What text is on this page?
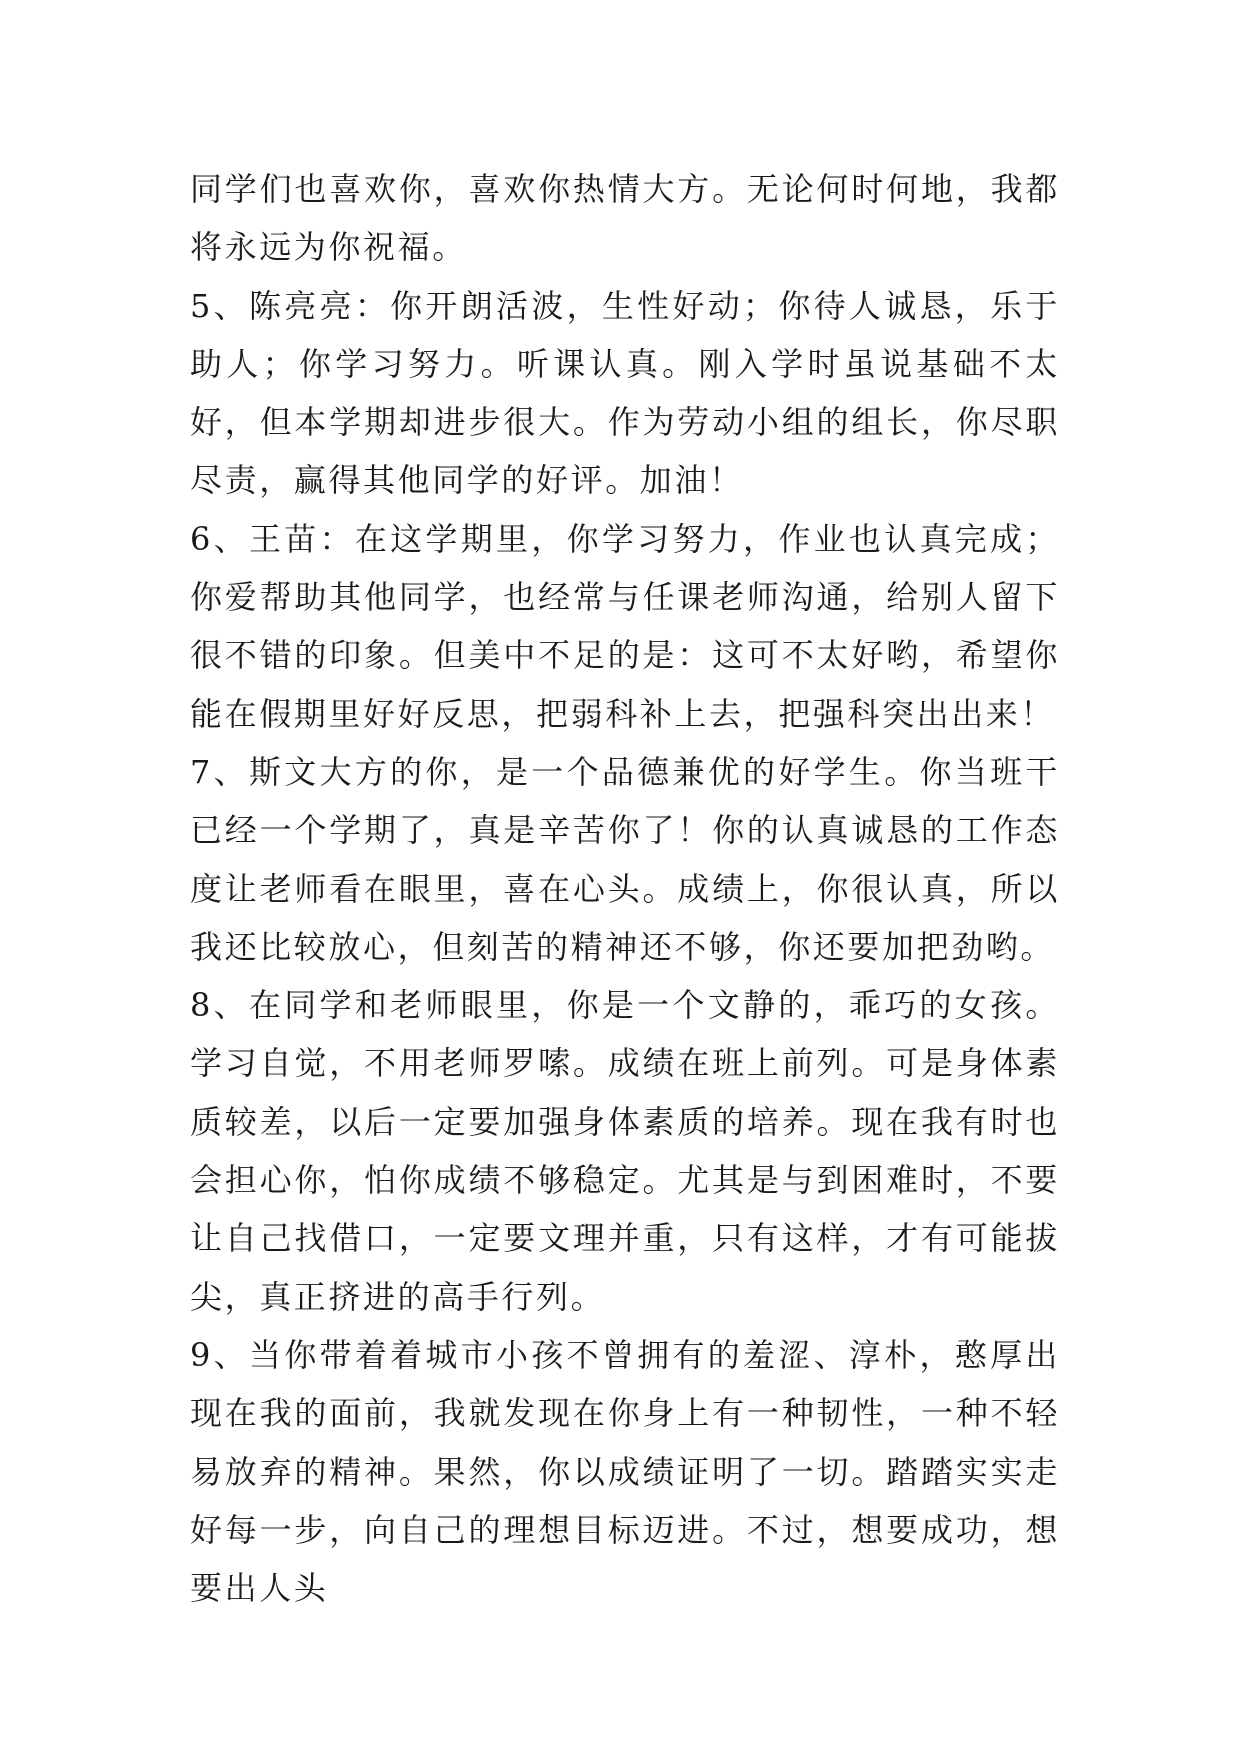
同学们也喜欢你，喜欢你热情大方。无论何时何地，我都将永远为你祝福。

5、陈亮亮：你开朗活波，生性好动；你待人诚恳，乐于助人；你学习努力。听课认真。刚入学时虽说基础不太好，但本学期却进步很大。作为劳动小组的组长，你尽职尽责，赢得其他同学的好评。加油！

6、王苗：在这学期里，你学习努力，作业也认真完成；你爱帮助其他同学，也经常与任课老师沟通，给别人留下很不错的印象。但美中不足的是：这可不太好哟，希望你能在假期里好好反思，把弱科补上去，把强科突出出来！

7、斯文大方的你，是一个品德兼优的好学生。你当班干已经一个学期了，真是辛苦你了！你的认真诚恳的工作态度让老师看在眼里，喜在心头。成绩上，你很认真，所以我还比较放心，但刻苦的精神还不够，你还要加把劲哟。

8、在同学和老师眼里，你是一个文静的，乖巧的女孩。学习自觉，不用老师罗嗦。成绩在班上前列。可是身体素质较差，以后一定要加强身体素质的培养。现在我有时也会担心你，怕你成绩不够稳定。尤其是与到困难时，不要让自己找借口，一定要文理并重，只有这样，才有可能拔尖，真正挤进的高手行列。

9、当你带着着城市小孩不曾拥有的羞涩、淳朴，憨厚出现在我的面前，我就发现在你身上有一种韧性，一种不轻易放弃的精神。果然，你以成绩证明了一切。踏踏实实走好每一步，向自己的理想目标迈进。不过，想要成功，想要出人头
